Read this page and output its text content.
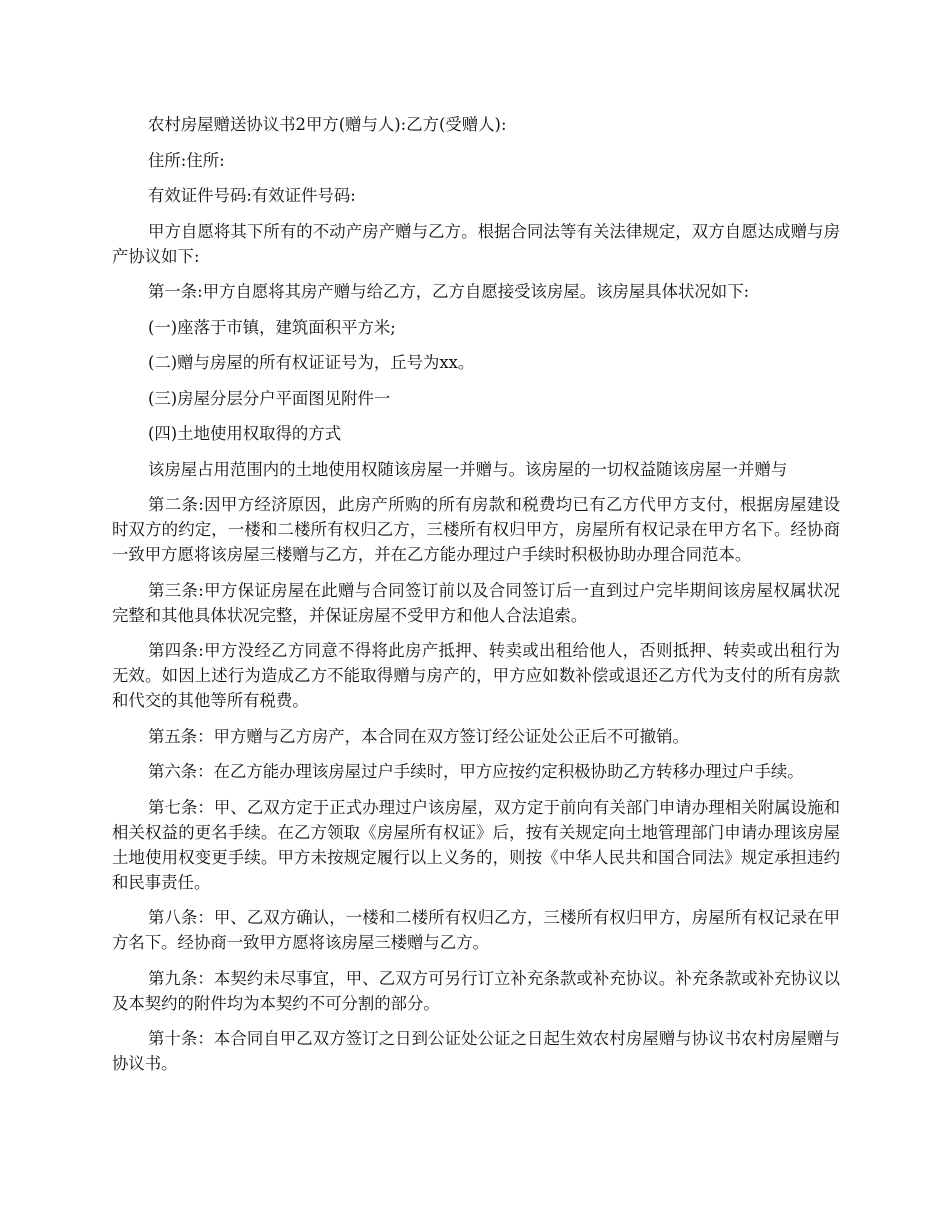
农村房屋赠送协议书2甲方(赠与人):乙方(受赠人):

住所:住所:

有效证件号码:有效证件号码:

甲方自愿将其下所有的不动产房产赠与乙方。根据合同法等有关法律规定，双方自愿达成赠与房产协议如下:

第一条:甲方自愿将其房产赠与给乙方，乙方自愿接受该房屋。该房屋具体状况如下:

(一)座落于市镇，建筑面积平方米;

(二)赠与房屋的所有权证证号为，丘号为xx。

(三)房屋分层分户平面图见附件一

(四)土地使用权取得的方式

该房屋占用范围内的土地使用权随该房屋一并赠与。该房屋的一切权益随该房屋一并赠与

第二条:因甲方经济原因，此房产所购的所有房款和税费均已有乙方代甲方支付，根据房屋建设时双方的约定，一楼和二楼所有权归乙方，三楼所有权归甲方，房屋所有权记录在甲方名下。经协商一致甲方愿将该房屋三楼赠与乙方，并在乙方能办理过户手续时积极协助办理合同范本。

第三条:甲方保证房屋在此赠与合同签订前以及合同签订后一直到过户完毕期间该房屋权属状况完整和其他具体状况完整，并保证房屋不受甲方和他人合法追索。

第四条:甲方没经乙方同意不得将此房产抵押、转卖或出租给他人，否则抵押、转卖或出租行为无效。如因上述行为造成乙方不能取得赠与房产的，甲方应如数补偿或退还乙方代为支付的所有房款和代交的其他等所有税费。

第五条：甲方赠与乙方房产，本合同在双方签订经公证处公正后不可撤销。

第六条：在乙方能办理该房屋过户手续时，甲方应按约定积极协助乙方转移办理过户手续。

第七条：甲、乙双方定于正式办理过户该房屋，双方定于前向有关部门申请办理相关附属设施和相关权益的更名手续。在乙方领取《房屋所有权证》后，按有关规定向土地管理部门申请办理该房屋土地使用权变更手续。甲方未按规定履行以上义务的，则按《中华人民共和国合同法》规定承担违约和民事责任。

第八条：甲、乙双方确认，一楼和二楼所有权归乙方，三楼所有权归甲方，房屋所有权记录在甲方名下。经协商一致甲方愿将该房屋三楼赠与乙方。

第九条：本契约未尽事宜，甲、乙双方可另行订立补充条款或补充协议。补充条款或补充协议以及本契约的附件均为本契约不可分割的部分。

第十条：本合同自甲乙双方签订之日到公证处公证之日起生效农村房屋赠与协议书农村房屋赠与协议书。
